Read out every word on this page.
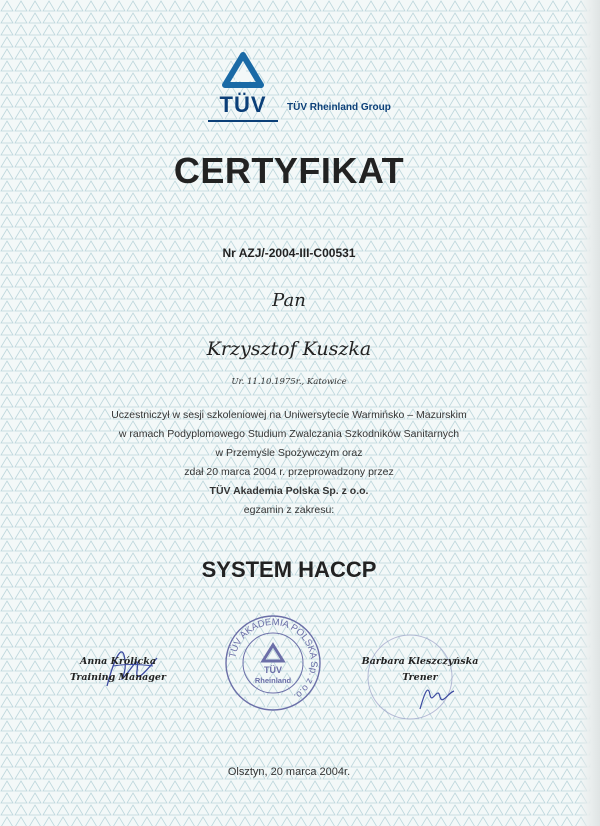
TÜV	TÜV Rheinland Group
CERTYFIKAT
Nr AZJ/-2004-III-C00531
Pan
Krzysztof Kuszka
Ur. 11.10.1975r., Katowice
Uczestniczył w sesji szkoleniowej na Uniwersytecie Warmińsko – Mazurskim
w ramach Podyplomowego Studium Zwalczania Szkodników Sanitarnych
w Przemyśle Spożywczym oraz
zdał 20 marca 2004 r. przeprowadzony przez
TÜV Akademia Polska Sp. z o.o.
egzamin z zakresu:
SYSTEM HACCP
Anna Królicka
Training Manager
TÜV AKADEMIA POLSKA Sp. z o.o.
TÜV
Rheinland
Barbara Kleszczyńska
Trener
Olsztyn, 20 marca 2004r.
